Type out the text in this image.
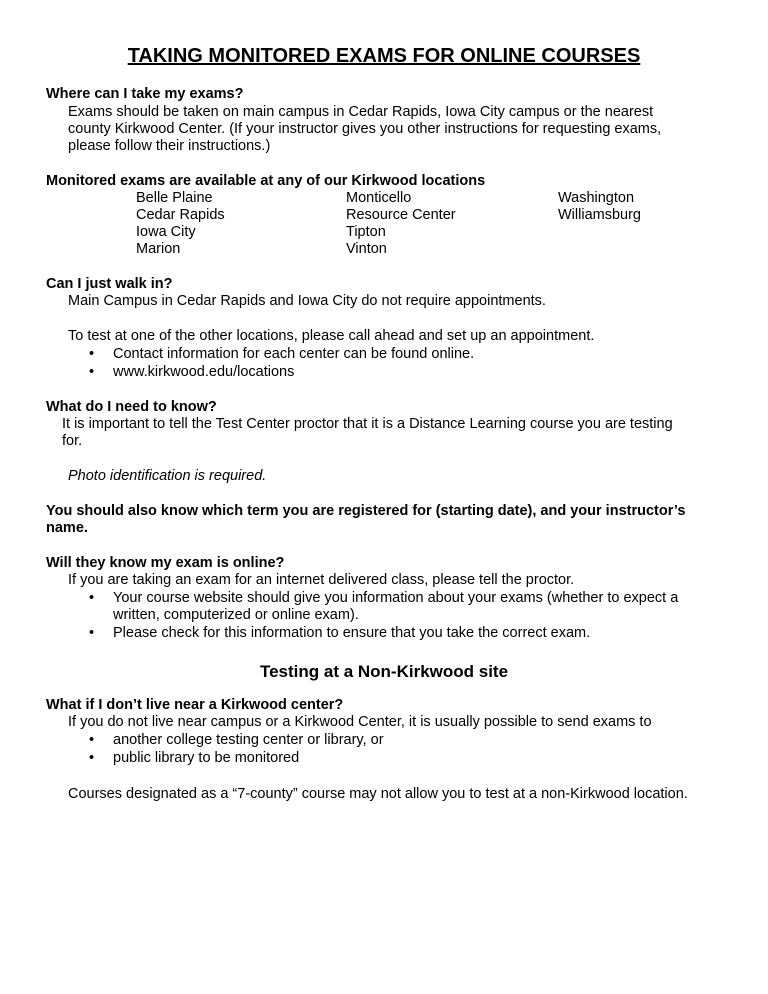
TAKING MONITORED EXAMS FOR ONLINE COURSES
Where can I take my exams?
Exams should be taken on main campus in Cedar Rapids, Iowa City campus or the nearest
county Kirkwood Center. (If your instructor gives you other instructions for requesting exams,
please follow their instructions.)
Monitored exams are available at any of our Kirkwood locations
Belle Plaine
Cedar Rapids
Iowa City
Marion
Monticello
Resource Center
Tipton
Vinton
Washington
Williamsburg
Can I just walk in?
Main Campus in Cedar Rapids and Iowa City do not require appointments.
To test at one of the other locations, please call ahead and set up an appointment.
• Contact information for each center can be found online.
• www.kirkwood.edu/locations
What do I need to know?
It is important to tell the Test Center proctor that it is a Distance Learning course you are testing
for.
Photo identification is required.
You should also know which term you are registered for (starting date), and your instructor’s
name.
Will they know my exam is online?
If you are taking an exam for an internet delivered class, please tell the proctor.
• Your course website should give you information about your exams (whether to expect a
written, computerized or online exam).
• Please check for this information to ensure that you take the correct exam.
Testing at a Non-Kirkwood site
What if I don’t live near a Kirkwood center?
If you do not live near campus or a Kirkwood Center, it is usually possible to send exams to
• another college testing center or library, or
• public library to be monitored
Courses designated as a “7-county” course may not allow you to test at a non-Kirkwood location.
